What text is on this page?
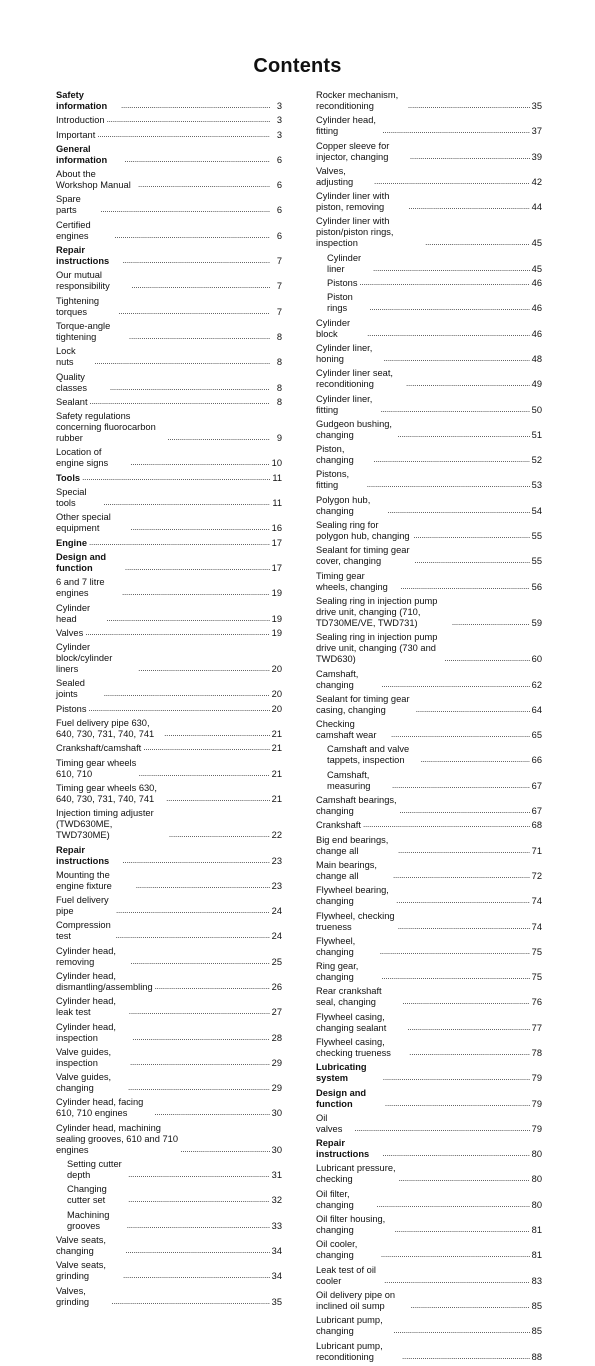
Contents
Safety information . . .	3
Introduction . . .	3
Important . . .	3
General information . . .	6
About the Workshop Manual . . .	6
Spare parts . . .	6
Certified engines . . .	6
Repair instructions . . .	7
Our mutual responsibility . . .	7
Tightening torques . . .	7
Torque-angle tightening . . .	8
Lock nuts . . .	8
Quality classes . . .	8
Sealant . . .	8
Safety regulations concerning fluorocarbon rubber . . .	9
Location of engine signs . . .	10
Tools . . .	11
Special tools . . .	11
Other special equipment . . .	16
Engine . . .	17
Design and function . . .	17
6 and 7 litre engines . . .	19
Cylinder head . . .	19
Valves . . .	19
Cylinder block/cylinder liners . . .	20
Sealed joints . . .	20
Pistons . . .	20
Fuel delivery pipe 630, 640, 730, 731, 740, 741 . . .	21
Crankshaft/camshaft . . .	21
Timing gear wheels 610, 710 . . .	21
Timing gear wheels 630, 640, 730, 731, 740, 741 . . .	21
Injection timing adjuster (TWD630ME, TWD730ME) . . .	22
Repair instructions . . .	23
Mounting the engine fixture . . .	23
Fuel delivery pipe . . .	24
Compression test . . .	24
Cylinder head, removing . . .	25
Cylinder head, dismantling/assembling . . .	26
Cylinder head, leak test . . .	27
Cylinder head, inspection . . .	28
Valve guides, inspection . . .	29
Valve guides, changing . . .	29
Cylinder head, facing 610, 710 engines . . .	30
Cylinder head, machining sealing grooves, 610 and 710 engines . . .	30
Setting cutter depth . . .	31
Changing cutter set . . .	32
Machining grooves . . .	33
Valve seats, changing . . .	34
Valve seats, grinding . . .	34
Valves, grinding . . .	35
Rocker mechanism, reconditioning . . .	35
Cylinder head, fitting . . .	37
Copper sleeve for injector, changing . . .	39
Valves, adjusting . . .	42
Cylinder liner with piston, removing . . .	44
Cylinder liner with piston/piston rings, inspection . . .	45
Cylinder liner . . .	45
Pistons . . .	46
Piston rings . . .	46
Cylinder block . . .	46
Cylinder liner, honing . . .	48
Cylinder liner seat, reconditioning . . .	49
Cylinder liner, fitting . . .	50
Gudgeon bushing, changing . . .	51
Piston, changing . . .	52
Pistons, fitting . . .	53
Polygon hub, changing . . .	54
Sealing ring for polygon hub, changing . . .	55
Sealant for timing gear cover, changing . . .	55
Timing gear wheels, changing . . .	56
Sealing ring in injection pump drive unit, changing (710, TD730ME/VE, TWD731) . . .	59
Sealing ring in injection pump drive unit, changing (730 and TWD630) . . .	60
Camshaft, changing . . .	62
Sealant for timing gear casing, changing . . .	64
Checking camshaft wear . . .	65
Camshaft and valve tappets, inspection . . .	66
Camshaft, measuring . . .	67
Camshaft bearings, changing . . .	67
Crankshaft . . .	68
Big end bearings, change all . . .	71
Main bearings, change all . . .	72
Flywheel bearing, changing . . .	74
Flywheel, checking trueness . . .	74
Flywheel, changing . . .	75
Ring gear, changing . . .	75
Rear crankshaft seal, changing . . .	76
Flywheel casing, changing sealant . . .	77
Flywheel casing, checking trueness . . .	78
Lubricating system . . .	79
Design and function . . .	79
Oil valves . . .	79
Repair instructions . . .	80
Lubricant pressure, checking . . .	80
Oil filter, changing . . .	80
Oil filter housing, changing . . .	81
Oil cooler, changing . . .	81
Leak test of oil cooler . . .	83
Oil delivery pipe on inclined oil sump . . .	85
Lubricant pump, changing . . .	85
Lubricant pump, reconditioning . . .	88
